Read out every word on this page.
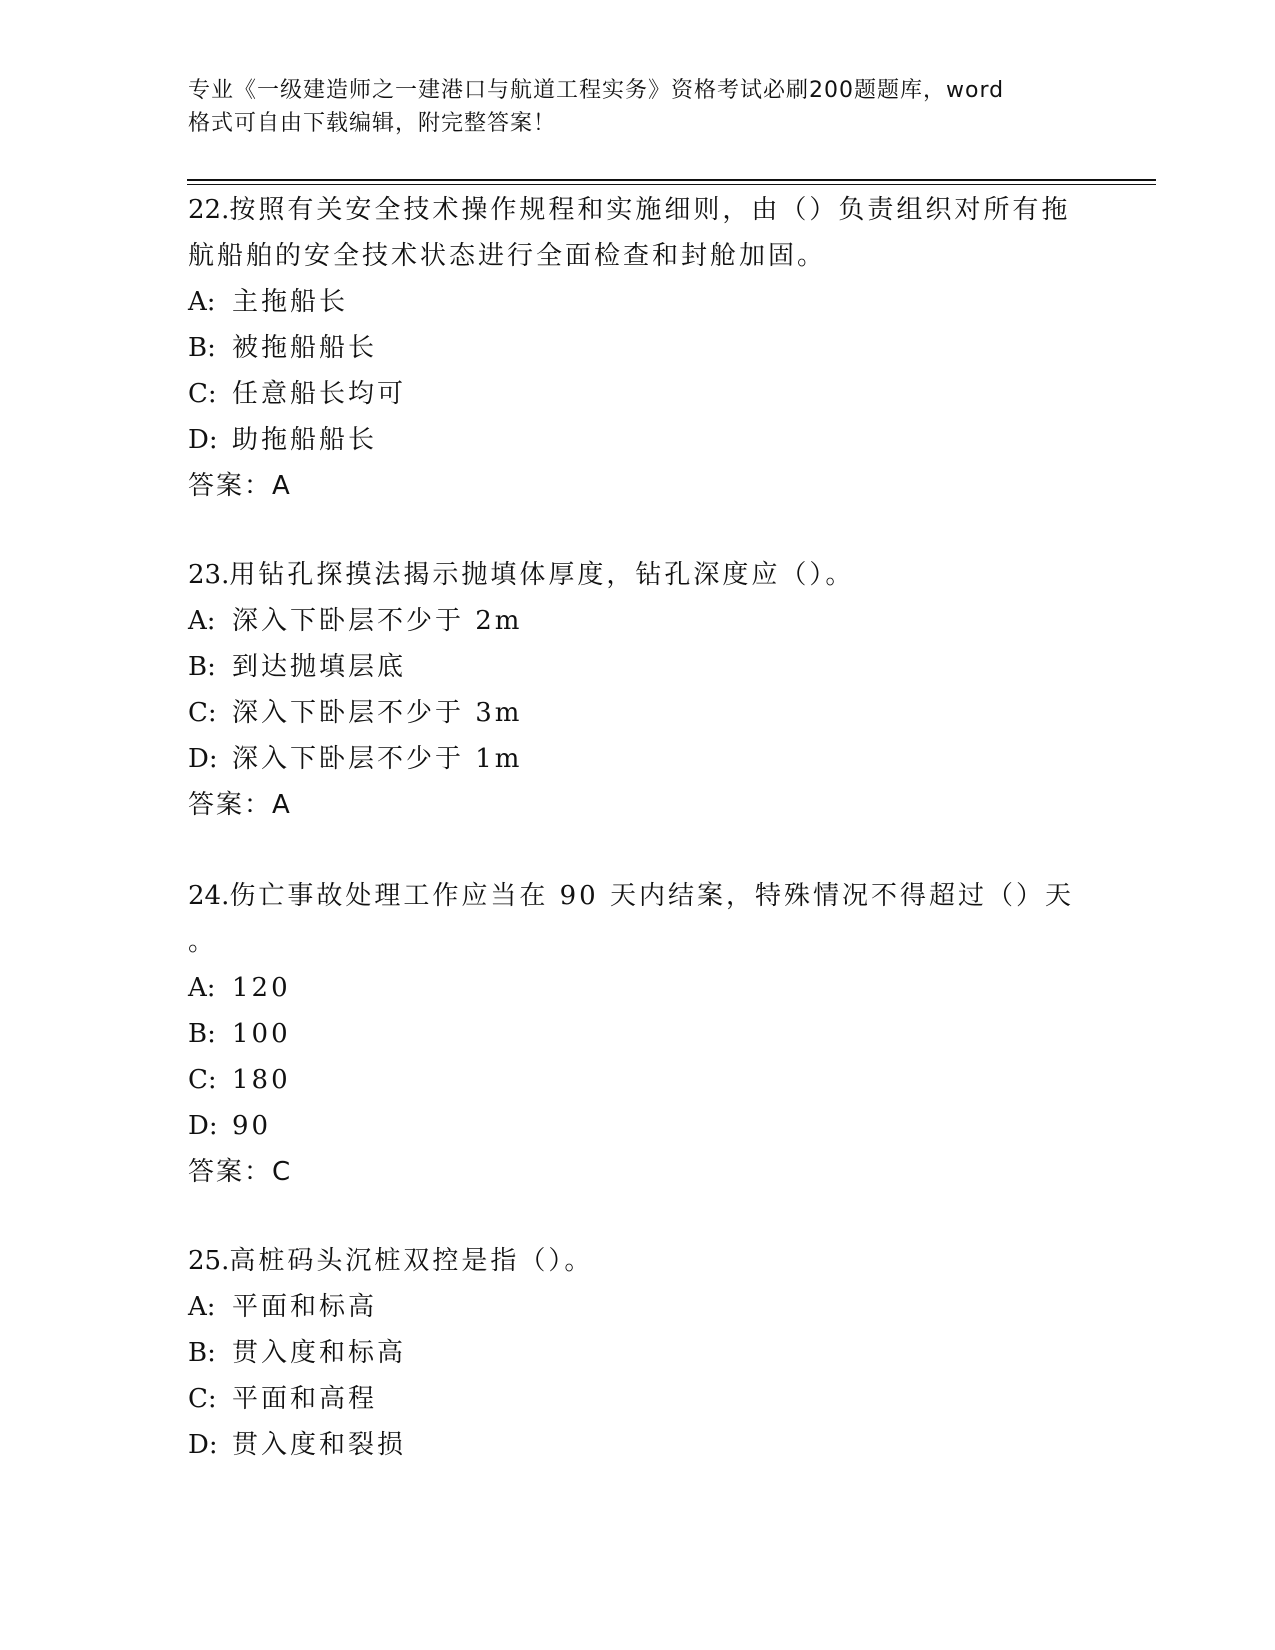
专业《一级建造师之一建港口与航道工程实务》资格考试必刷200题题库，word
格式可自由下载编辑，附完整答案！
22.按照有关安全技术操作规程和实施细则，由（）负责组织对所有拖
航船舶的安全技术状态进行全面检查和封舱加固。
A: 主拖船长
B: 被拖船船长
C: 任意船长均可
D: 助拖船船长
答案：A
23.用钻孔探摸法揭示抛填体厚度，钻孔深度应（）。
A: 深入下卧层不少于 2m
B: 到达抛填层底
C: 深入下卧层不少于 3m
D: 深入下卧层不少于 1m
答案：A
24.伤亡事故处理工作应当在 90 天内结案，特殊情况不得超过（）天
。
A: 120
B: 100
C: 180
D: 90
答案：C
25.高桩码头沉桩双控是指（）。
A: 平面和标高
B: 贯入度和标高
C: 平面和高程
D: 贯入度和裂损
